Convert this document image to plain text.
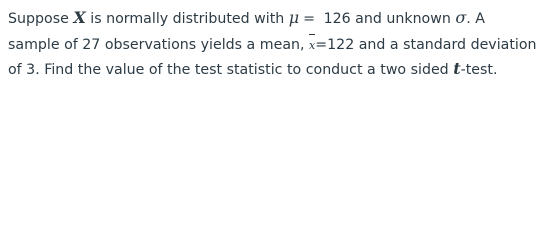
Suppose X is normally distributed with μ = 126 and unknown σ. A
sample of 27 observations yields a mean, x=122 and a standard deviation
of 3. Find the value of the test statistic to conduct a two sided t-test.
